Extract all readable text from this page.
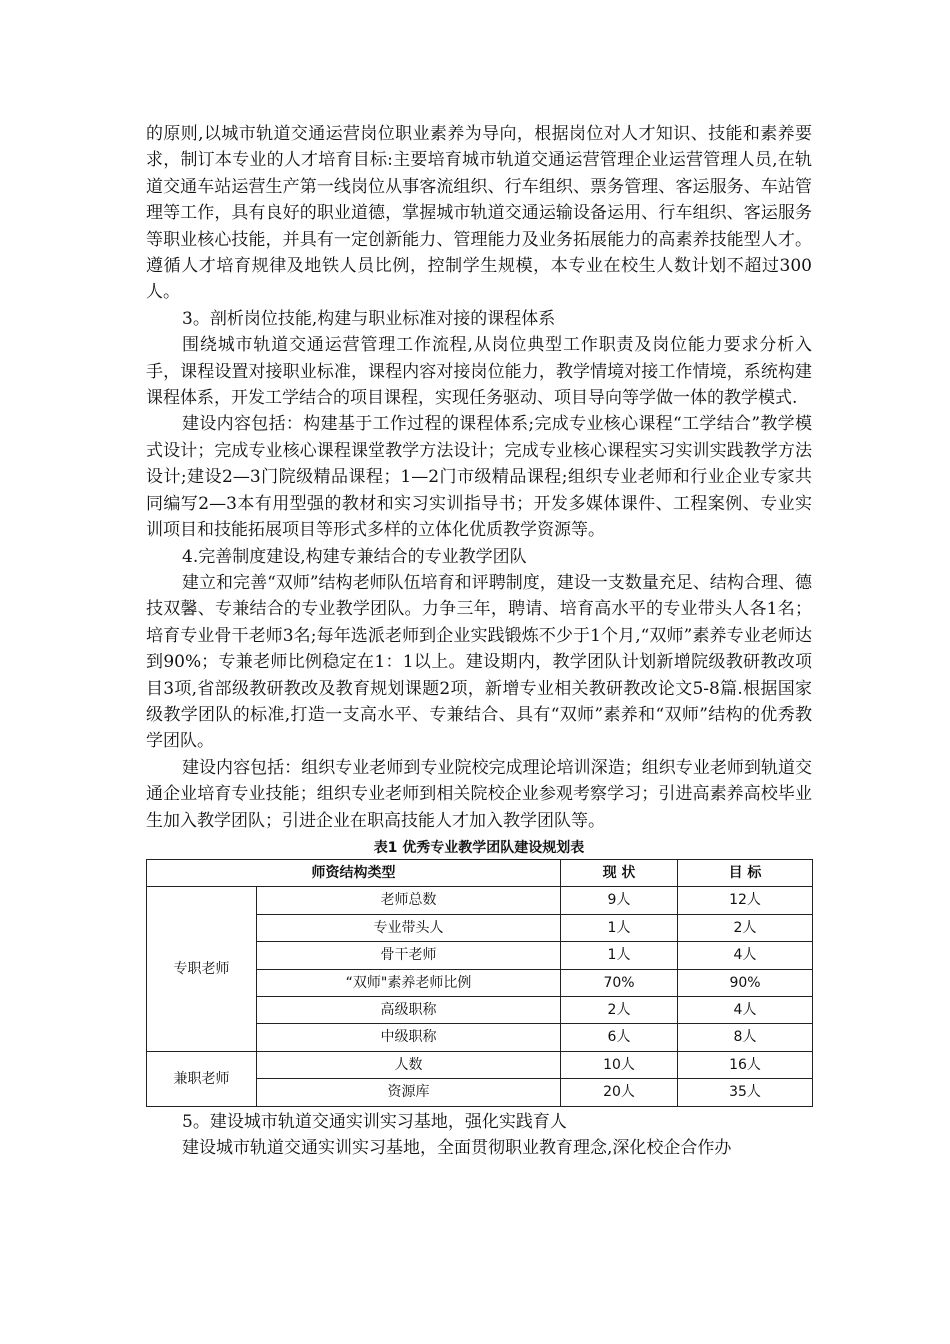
的原则,以城市轨道交通运营岗位职业素养为导向，根据岗位对人才知识、技能和素养要求，制订本专业的人才培育目标:主要培育城市轨道交通运营管理企业运营管理人员,在轨道交通车站运营生产第一线岗位从事客流组织、行车组织、票务管理、客运服务、车站管理等工作，具有良好的职业道德，掌握城市轨道交通运输设备运用、行车组织、客运服务等职业核心技能，并具有一定创新能力、管理能力及业务拓展能力的高素养技能型人才。遵循人才培育规律及地铁人员比例，控制学生规模，本专业在校生人数计划不超过300人。

3。剖析岗位技能,构建与职业标准对接的课程体系

围绕城市轨道交通运营管理工作流程,从岗位典型工作职责及岗位能力要求分析入手，课程设置对接职业标准，课程内容对接岗位能力，教学情境对接工作情境，系统构建课程体系，开发工学结合的项目课程，实现任务驱动、项目导向等学做一体的教学模式.

建设内容包括：构建基于工作过程的课程体系;完成专业核心课程“工学结合”教学模式设计；完成专业核心课程课堂教学方法设计；完成专业核心课程实习实训实践教学方法设计;建设2—3门院级精品课程；1—2门市级精品课程;组织专业老师和行业企业专家共同编写2—3本有用型强的教材和实习实训指导书；开发多媒体课件、工程案例、专业实训项目和技能拓展项目等形式多样的立体化优质教学资源等。

4.完善制度建设,构建专兼结合的专业教学团队

建立和完善“双师”结构老师队伍培育和评聘制度，建设一支数量充足、结构合理、德技双馨、专兼结合的专业教学团队。力争三年，聘请、培育高水平的专业带头人各1名；培育专业骨干老师3名;每年选派老师到企业实践锻炼不少于1个月,“双师”素养专业老师达到90%；专兼老师比例稳定在1：1以上。建设期内，教学团队计划新增院级教研教改项目3项,省部级教研教改及教育规划课题2项，新增专业相关教研教改论文5-8篇.根据国家级教学团队的标准,打造一支高水平、专兼结合、具有“双师”素养和“双师”结构的优秀教学团队。

建设内容包括：组织专业老师到专业院校完成理论培训深造；组织专业老师到轨道交通企业培育专业技能；组织专业老师到相关院校企业参观考察学习；引进高素养高校毕业生加入教学团队；引进企业在职高技能人才加入教学团队等。

表1 优秀专业教学团队建设规划表

师资结构类型		现 状	目 标
专职老师	老师总数	9人	12人
	专业带头人	1人	2人
	骨干老师	1人	4人
	“双师"素养老师比例	70%	90%
	高级职称	2人	4人
	中级职称	6人	8人
兼职老师	人数	10人	16人
	资源库	20人	35人

5。建设城市轨道交通实训实习基地，强化实践育人

建设城市轨道交通实训实习基地，全面贯彻职业教育理念,深化校企合作办
